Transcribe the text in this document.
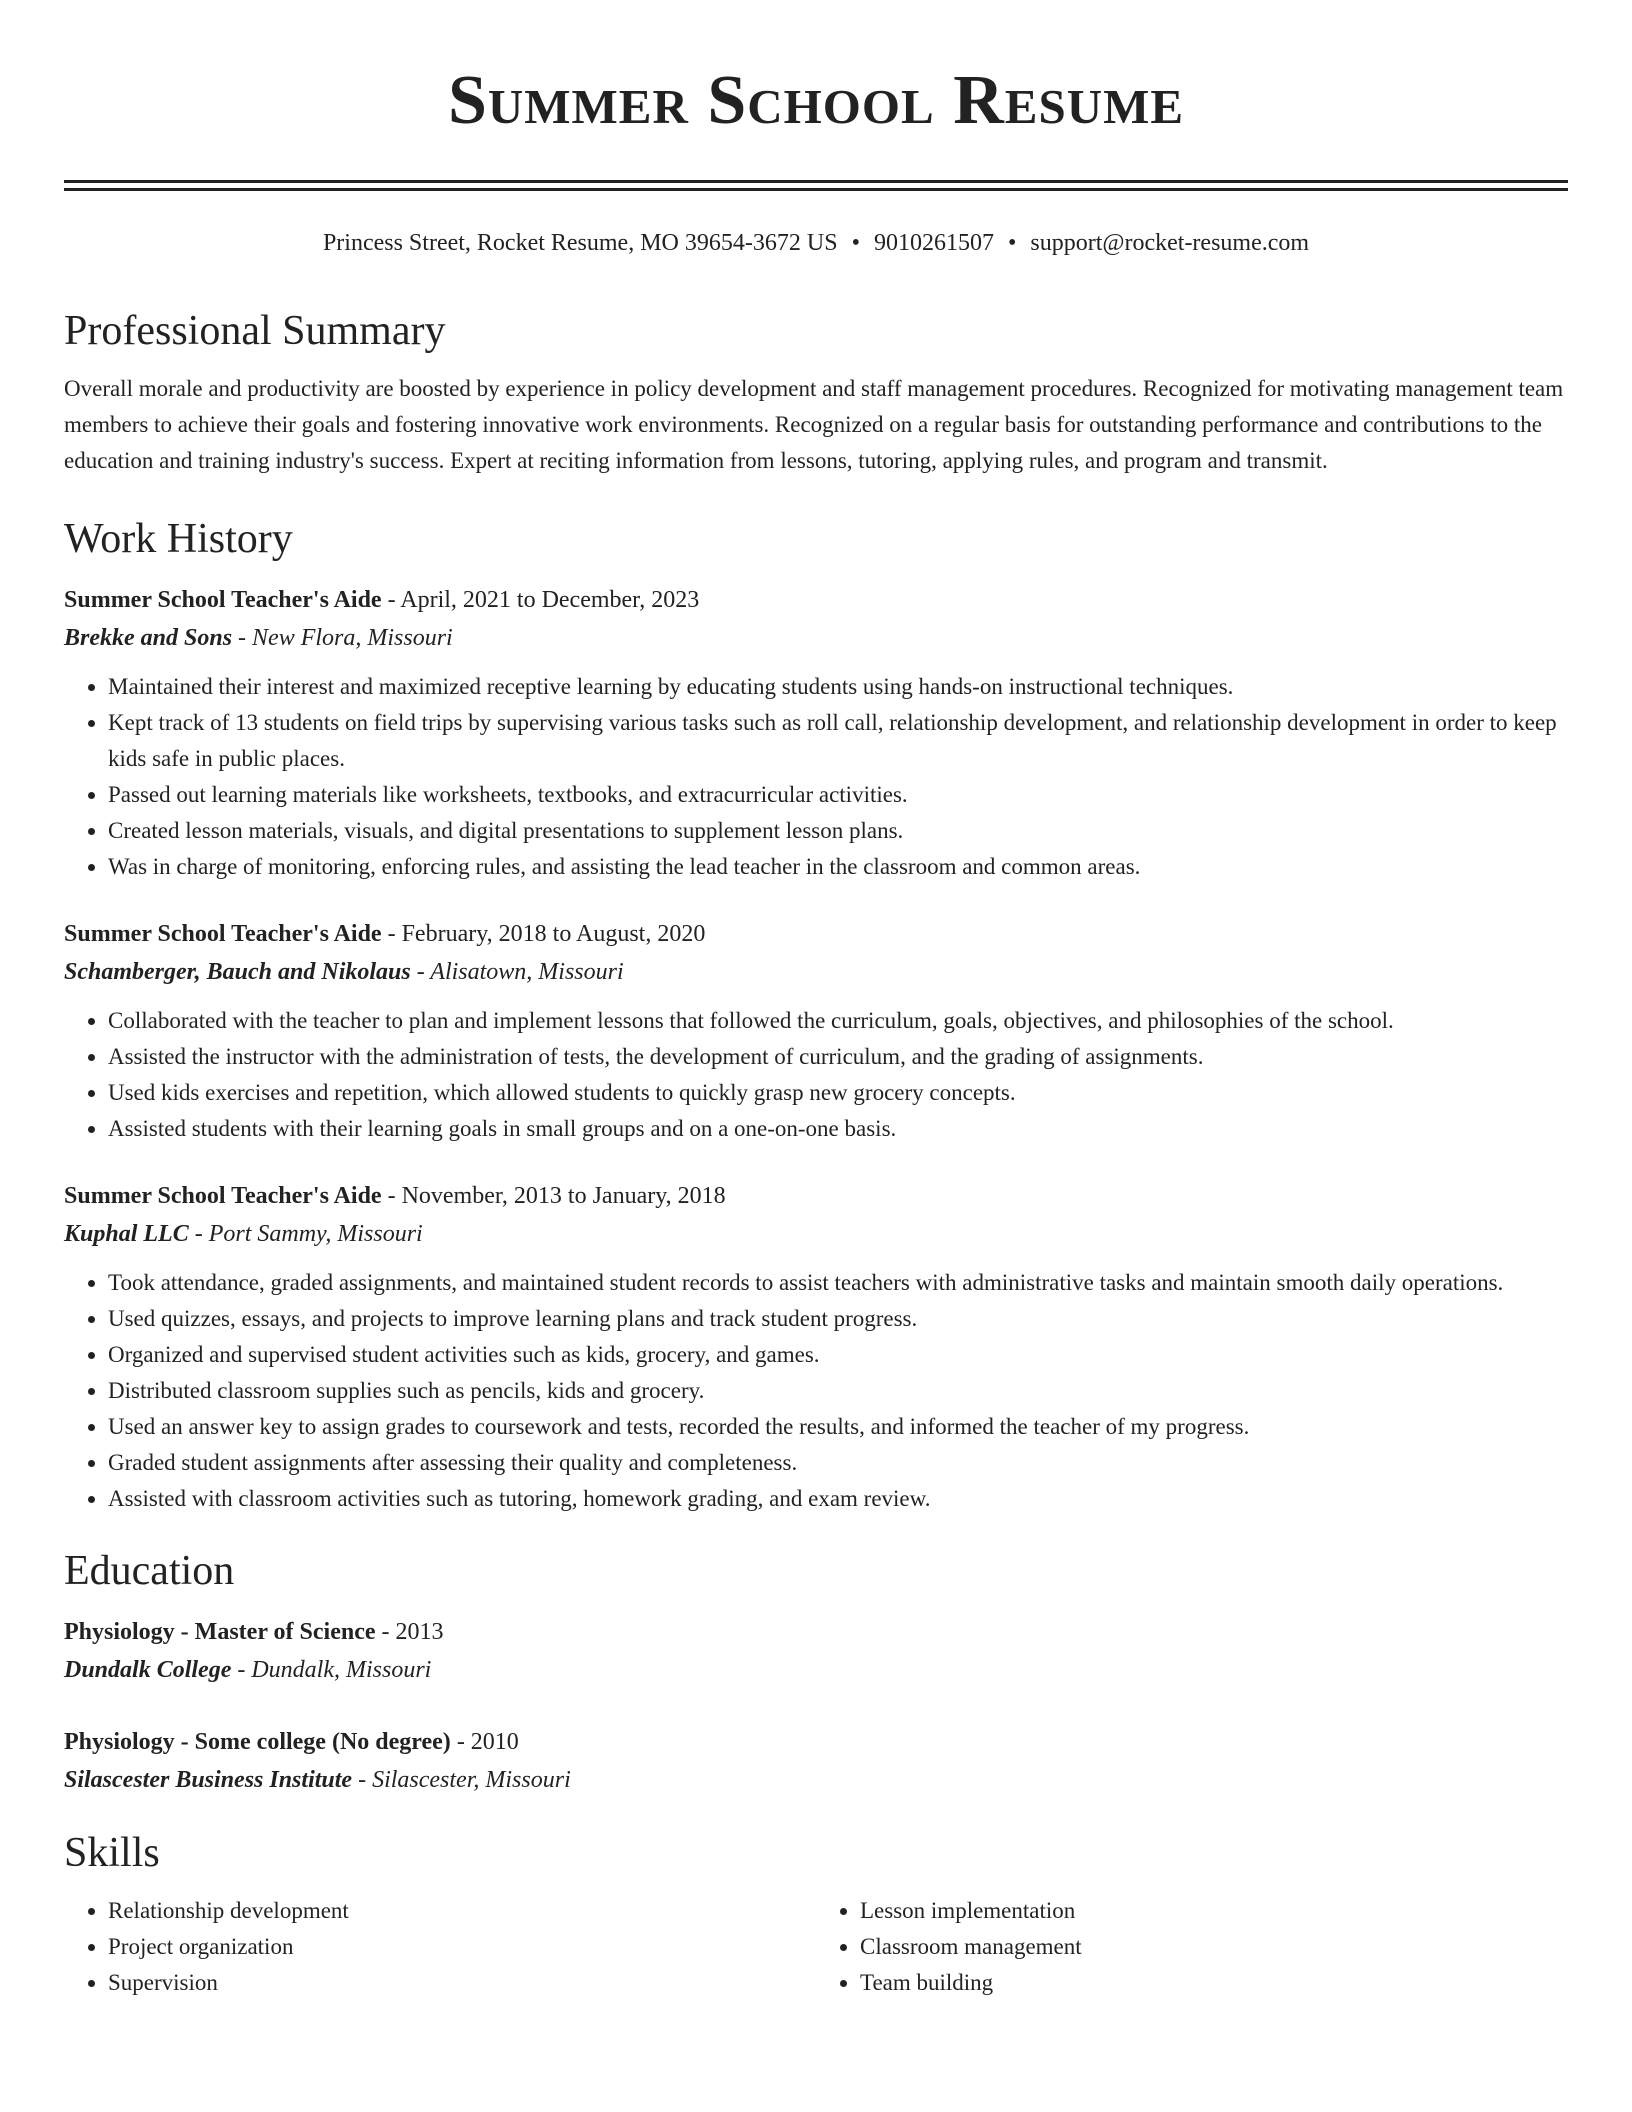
Summer School Resume
Princess Street, Rocket Resume, MO 39654-3672 US • 9010261507 • support@rocket-resume.com
Professional Summary

Overall morale and productivity are boosted by experience in policy development and staff management procedures. Recognized for motivating management team members to achieve their goals and fostering innovative work environments. Recognized on a regular basis for outstanding performance and contributions to the education and training industry's success. Expert at reciting information from lessons, tutoring, applying rules, and program and transmit.

Work History
Summer School Teacher's Aide - April, 2021 to December, 2023
Brekke and Sons - New Flora, Missouri
• Maintained their interest and maximized receptive learning by educating students using hands-on instructional techniques.
• Kept track of 13 students on field trips by supervising various tasks such as roll call, relationship development, and relationship development in order to keep kids safe in public places.
• Passed out learning materials like worksheets, textbooks, and extracurricular activities.
• Created lesson materials, visuals, and digital presentations to supplement lesson plans.
• Was in charge of monitoring, enforcing rules, and assisting the lead teacher in the classroom and common areas.
Summer School Teacher's Aide - February, 2018 to August, 2020
Schamberger, Bauch and Nikolaus - Alisatown, Missouri
• Collaborated with the teacher to plan and implement lessons that followed the curriculum, goals, objectives, and philosophies of the school.
• Assisted the instructor with the administration of tests, the development of curriculum, and the grading of assignments.
• Used kids exercises and repetition, which allowed students to quickly grasp new grocery concepts.
• Assisted students with their learning goals in small groups and on a one-on-one basis.
Summer School Teacher's Aide - November, 2013 to January, 2018
Kuphal LLC - Port Sammy, Missouri
• Took attendance, graded assignments, and maintained student records to assist teachers with administrative tasks and maintain smooth daily operations.
• Used quizzes, essays, and projects to improve learning plans and track student progress.
• Organized and supervised student activities such as kids, grocery, and games.
• Distributed classroom supplies such as pencils, kids and grocery.
• Used an answer key to assign grades to coursework and tests, recorded the results, and informed the teacher of my progress.
• Graded student assignments after assessing their quality and completeness.
• Assisted with classroom activities such as tutoring, homework grading, and exam review.
Education
Physiology - Master of Science - 2013
Dundalk College - Dundalk, Missouri
Physiology - Some college (No degree) - 2010
Silascester Business Institute - Silascester, Missouri
Skills
• Relationship development
• Project organization
• Supervision
• Lesson implementation
• Classroom management
• Team building
